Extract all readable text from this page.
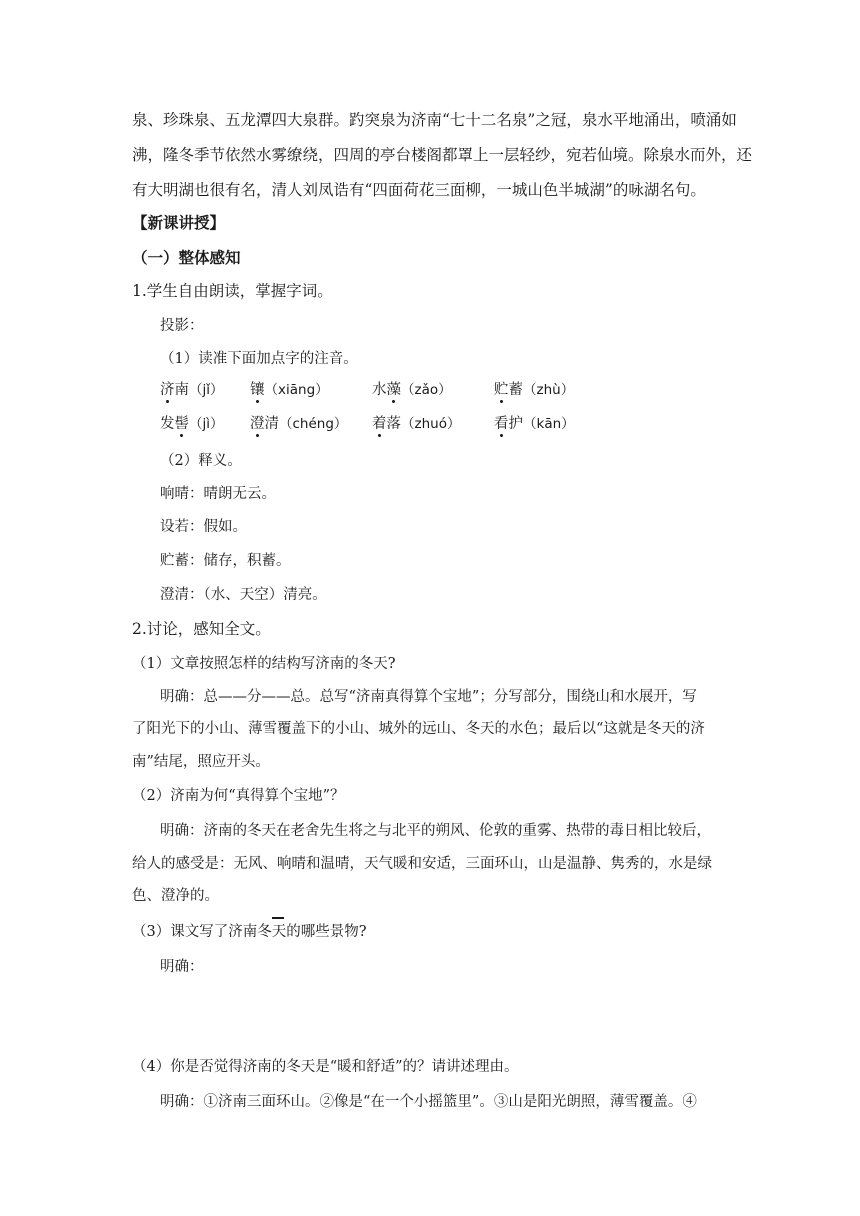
泉、珍珠泉、五龙潭四大泉群。趵突泉为济南“七十二名泉”之冠，泉水平地涌出，喷涌如
沸，隆冬季节依然水雾缭绕，四周的亭台楼阁都罩上一层轻纱，宛若仙境。除泉水而外，还
有大明湖也很有名，清人刘凤诰有“四面荷花三面柳，一城山色半城湖”的咏湖名句。
【新课讲授】
（一）整体感知
1.学生自由朗读，掌握字词。
投影：
（1）读准下面加点字的注音。
济南（jǐ） 镶（xiāng）	水藻（zǎo）	贮蓄（zhù）
发髻（jì） 澄清（chéng） 着落（zhuó） 看护（kān）
（2）释义。
响晴：晴朗无云。
设若：假如。
贮蓄：储存，积蓄。
澄清：（水、天空）清亮。
2.讨论，感知全文。
（1）文章按照怎样的结构写济南的冬天?
明确：总——分——总。总写“济南真得算个宝地”；分写部分，围绕山和水展开，写
了阳光下的小山、薄雪覆盖下的小山、城外的远山、冬天的水色；最后以“这就是冬天的济
南”结尾，照应开头。
（2）济南为何“真得算个宝地”？
明确：济南的冬天在老舍先生将之与北平的朔风、伦敦的重雾、热带的毒日相比较后，
给人的感受是：无风、响晴和温晴，天气暖和安适，三面环山，山是温静、隽秀的，水是绿
色、澄净的。
（3）课文写了济南冬天的哪些景物?
明确：
（4）你是否觉得济南的冬天是“暖和舒适”的？请讲述理由。
明确：①济南三面环山。②像是“在一个小摇篮里”。③山是阳光朗照，薄雪覆盖。④
